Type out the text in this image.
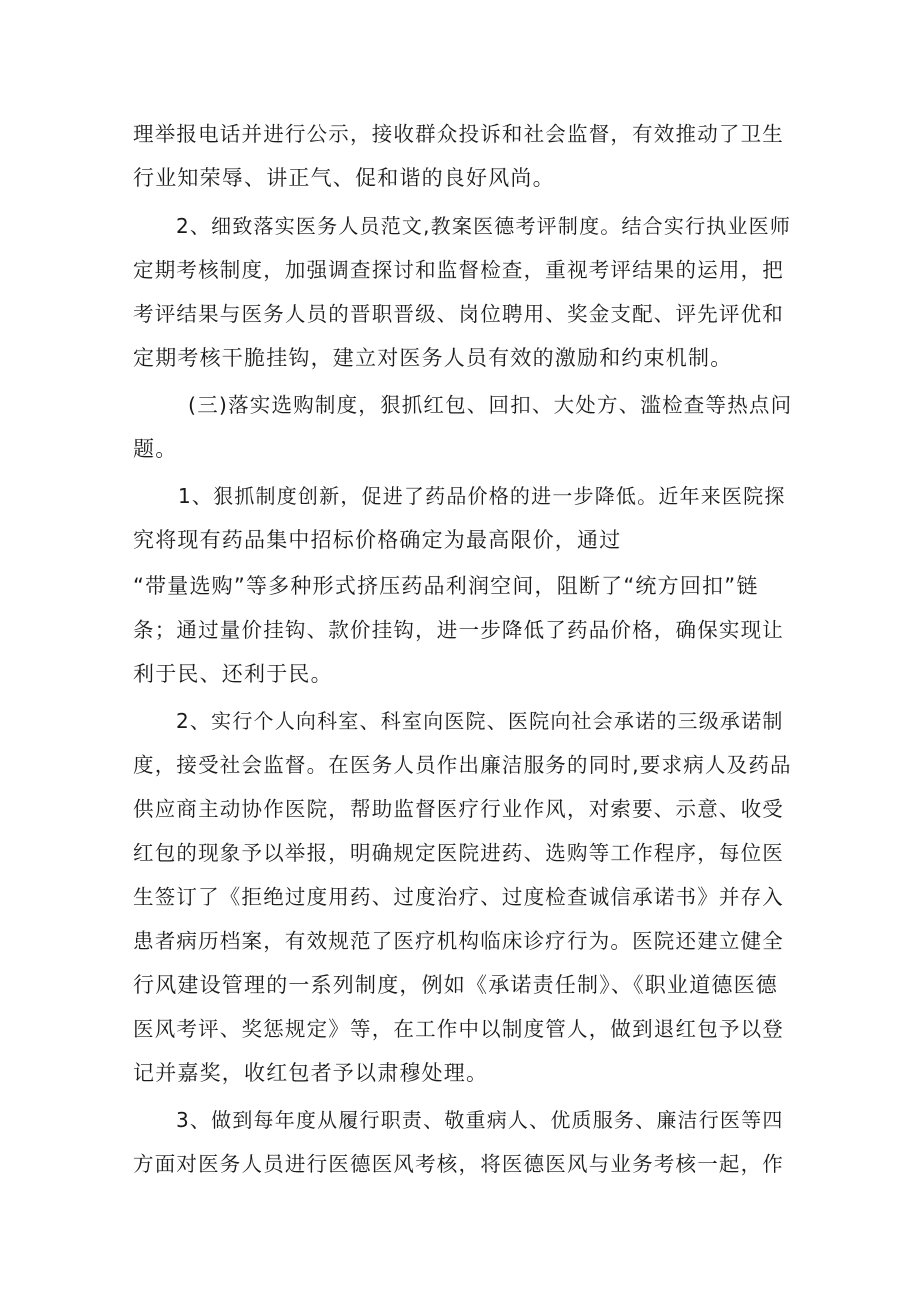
理举报电话并进行公示，接收群众投诉和社会监督，有效推动了卫生
行业知荣辱、讲正气、促和谐的良好风尚。
2、细致落实医务人员范文,教案医德考评制度。结合实行执业医师
定期考核制度，加强调查探讨和监督检查，重视考评结果的运用，把
考评结果与医务人员的晋职晋级、岗位聘用、奖金支配、评先评优和
定期考核干脆挂钩，建立对医务人员有效的激励和约束机制。
(三)落实选购制度，狠抓红包、回扣、大处方、滥检查等热点问
题。
1、狠抓制度创新，促进了药品价格的进一步降低。近年来医院探
究将现有药品集中招标价格确定为最高限价，通过
“带量选购”等多种形式挤压药品利润空间，阻断了“统方回扣”链
条；通过量价挂钩、款价挂钩，进一步降低了药品价格，确保实现让
利于民、还利于民。
2、实行个人向科室、科室向医院、医院向社会承诺的三级承诺制
度，接受社会监督。在医务人员作出廉洁服务的同时,要求病人及药品
供应商主动协作医院，帮助监督医疗行业作风，对索要、示意、收受
红包的现象予以举报，明确规定医院进药、选购等工作程序，每位医
生签订了《拒绝过度用药、过度治疗、过度检查诚信承诺书》并存入
患者病历档案，有效规范了医疗机构临床诊疗行为。医院还建立健全
行风建设管理的一系列制度，例如《承诺责任制》、《职业道德医德
医风考评、奖惩规定》等，在工作中以制度管人，做到退红包予以登
记并嘉奖，收红包者予以肃穆处理。
3、做到每年度从履行职责、敬重病人、优质服务、廉洁行医等四
方面对医务人员进行医德医风考核，将医德医风与业务考核一起，作
